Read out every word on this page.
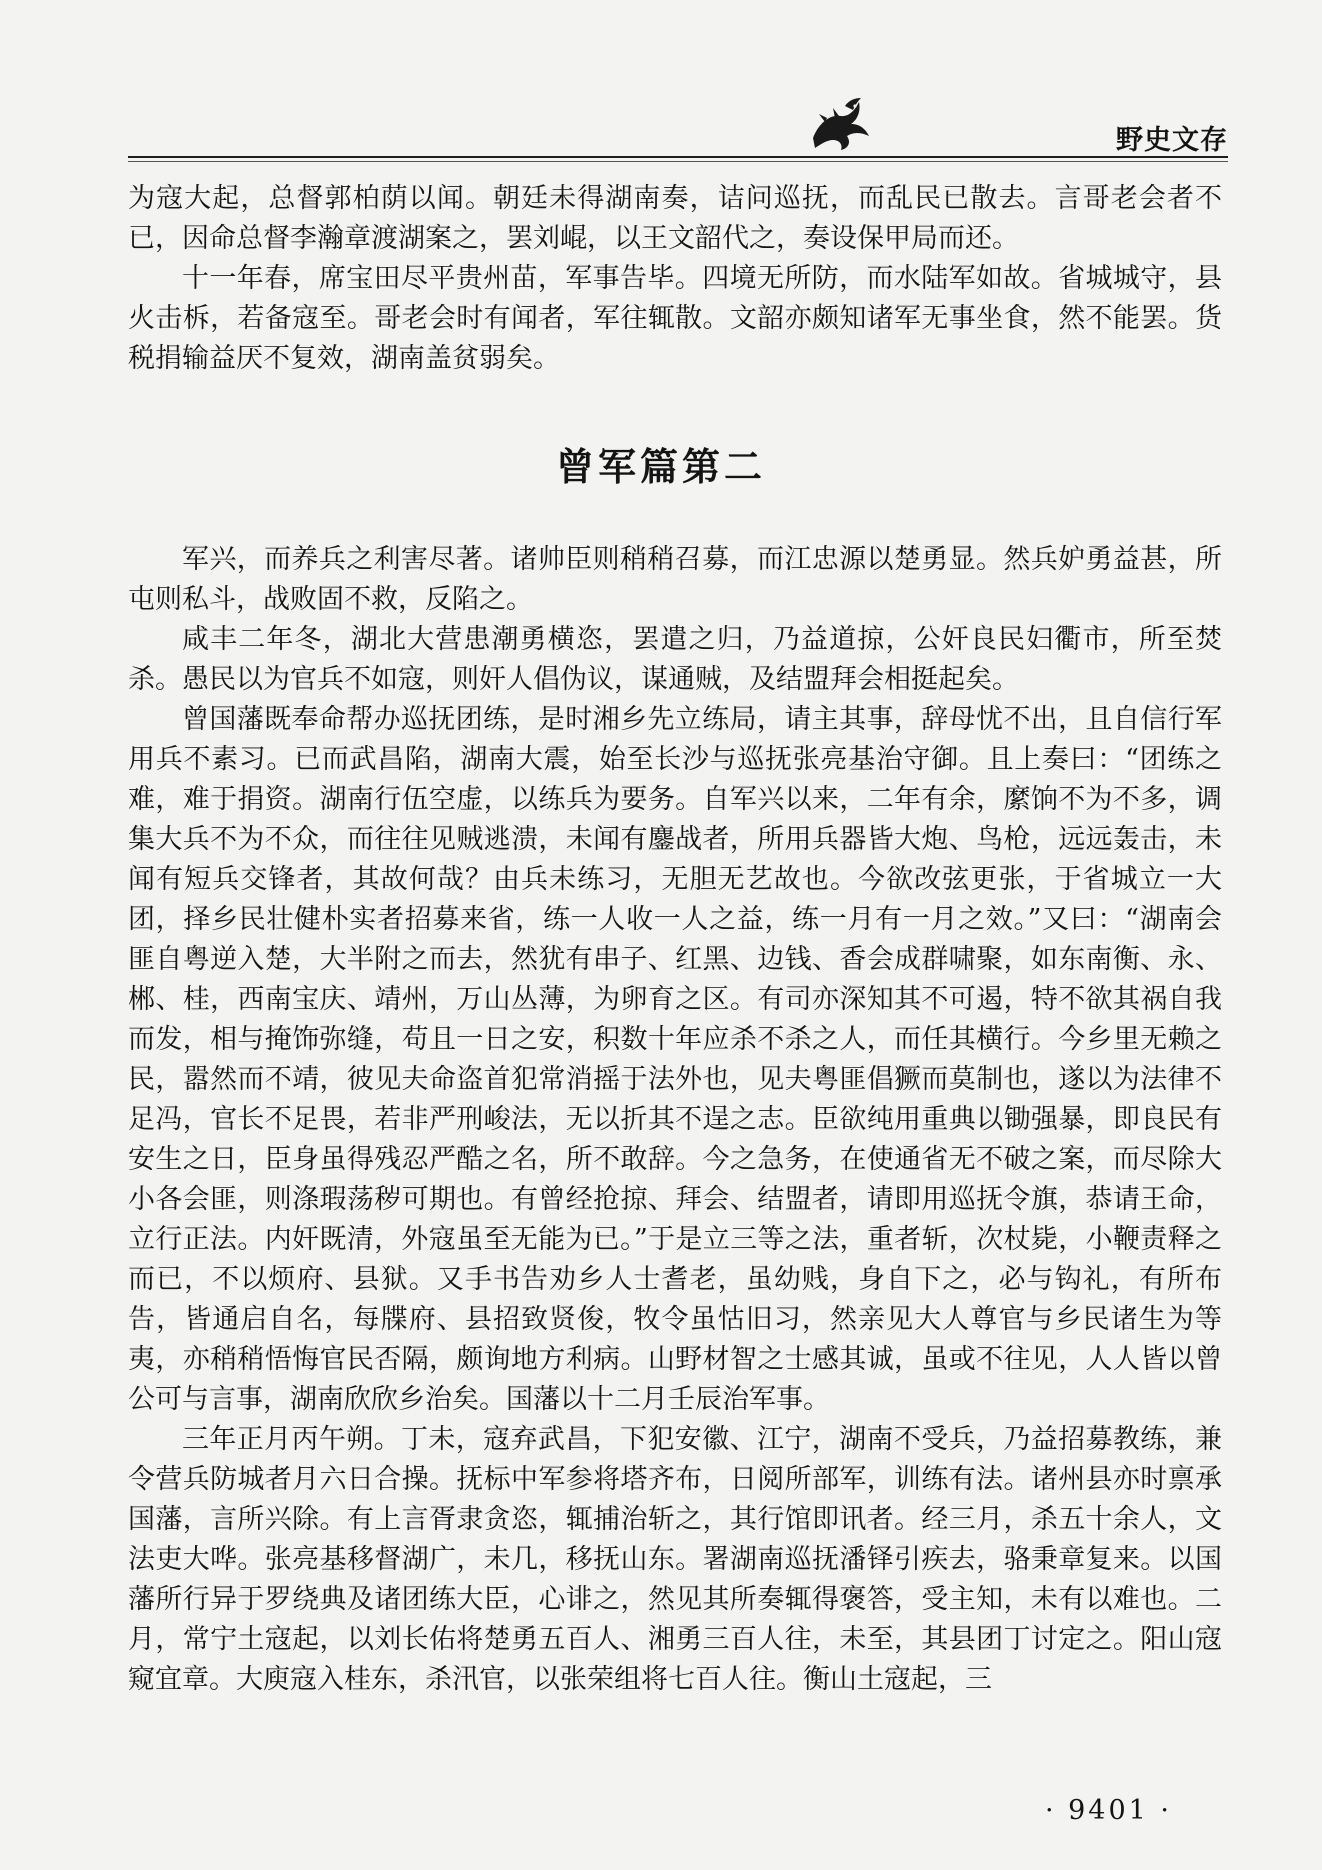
野史文存

为寇大起，总督郭柏荫以闻。朝廷未得湖南奏，诘问巡抚，而乱民已散去。言哥老会者不已，因命总督李瀚章渡湖案之，罢刘崐，以王文韶代之，奏设保甲局而还。

十一年春，席宝田尽平贵州苗，军事告毕。四境无所防，而水陆军如故。省城城守，县火击柝，若备寇至。哥老会时有闻者，军往辄散。文韶亦颇知诸军无事坐食，然不能罢。货税捐输益厌不复效，湖南盖贫弱矣。

曾军篇第二

军兴，而养兵之利害尽著。诸帅臣则稍稍召募，而江忠源以楚勇显。然兵妒勇益甚，所屯则私斗，战败固不救，反陷之。

咸丰二年冬，湖北大营患潮勇横恣，罢遣之归，乃益道掠，公奸良民妇衢市，所至焚杀。愚民以为官兵不如寇，则奸人倡伪议，谋通贼，及结盟拜会相挺起矣。

曾国藩既奉命帮办巡抚团练，是时湘乡先立练局，请主其事，辞母忧不出，且自信行军用兵不素习。已而武昌陷，湖南大震，始至长沙与巡抚张亮基治守御。且上奏曰：“团练之难，难于捐资。湖南行伍空虚，以练兵为要务。自军兴以来，二年有余，縻饷不为不多，调集大兵不为不众，而往往见贼逃溃，未闻有鏖战者，所用兵器皆大炮、鸟枪，远远轰击，未闻有短兵交锋者，其故何哉？由兵未练习，无胆无艺故也。今欲改弦更张，于省城立一大团，择乡民壮健朴实者招募来省，练一人收一人之益，练一月有一月之效。”又曰：“湖南会匪自粤逆入楚，大半附之而去，然犹有串子、红黑、边钱、香会成群啸聚，如东南衡、永、郴、桂，西南宝庆、靖州，万山丛薄，为卵育之区。有司亦深知其不可遏，特不欲其祸自我而发，相与掩饰弥缝，苟且一日之安，积数十年应杀不杀之人，而任其横行。今乡里无赖之民，嚣然而不靖，彼见夫命盗首犯常消摇于法外也，见夫粤匪倡獗而莫制也，遂以为法律不足冯，官长不足畏，若非严刑峻法，无以折其不逞之志。臣欲纯用重典以锄强暴，即良民有安生之日，臣身虽得残忍严酷之名，所不敢辞。今之急务，在使通省无不破之案，而尽除大小各会匪，则涤瑕荡秽可期也。有曾经抢掠、拜会、结盟者，请即用巡抚令旗，恭请王命，立行正法。内奸既清，外寇虽至无能为已。”于是立三等之法，重者斩，次杖毙，小鞭责释之而已，不以烦府、县狱。又手书告劝乡人士耆老，虽幼贱，身自下之，必与钩礼，有所布告，皆通启自名，每牒府、县招致贤俊，牧令虽怙旧习，然亲见大人尊官与乡民诸生为等夷，亦稍稍悟悔官民否隔，颇询地方利病。山野材智之士感其诚，虽或不往见，人人皆以曾公可与言事，湖南欣欣乡治矣。国藩以十二月壬辰治军事。

三年正月丙午朔。丁未，寇弃武昌，下犯安徽、江宁，湖南不受兵，乃益招募教练，兼令营兵防城者月六日合操。抚标中军参将塔齐布，日阅所部军，训练有法。诸州县亦时禀承国藩，言所兴除。有上言胥隶贪恣，辄捕治斩之，其行馆即讯者。经三月，杀五十余人，文法吏大哗。张亮基移督湖广，未几，移抚山东。署湖南巡抚潘铎引疾去，骆秉章复来。以国藩所行异于罗绕典及诸团练大臣，心诽之，然见其所奏辄得褒答，受主知，未有以难也。二月，常宁土寇起，以刘长佑将楚勇五百人、湘勇三百人往，未至，其县团丁讨定之。阳山寇窥宜章。大庾寇入桂东，杀汛官，以张荣组将七百人往。衡山土寇起，三

· 9401 ·
